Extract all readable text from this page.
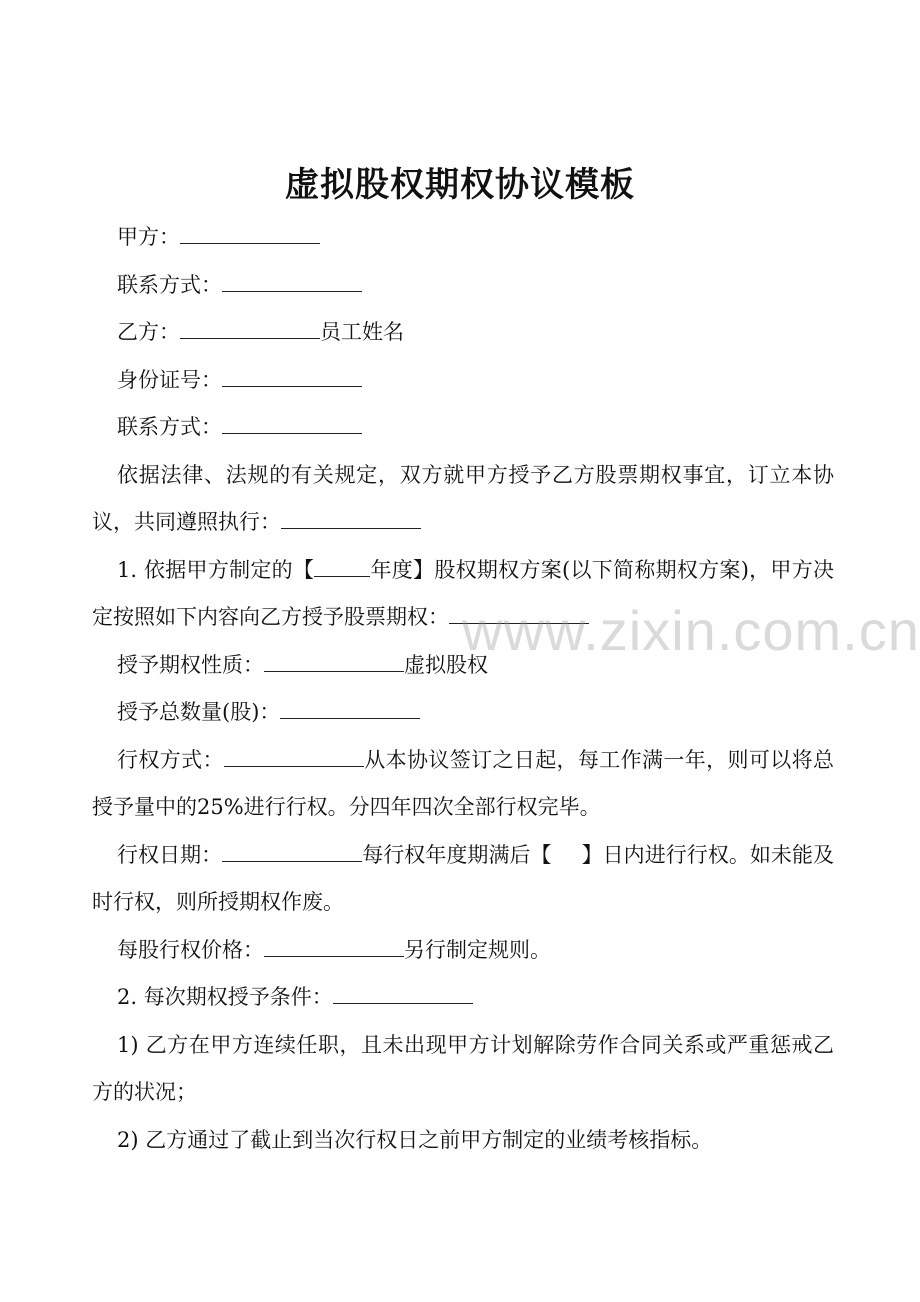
虚拟股权期权协议模板

甲方：

联系方式：

乙方：	员工姓名

身份证号：

联系方式：

依据法律、法规的有关规定，双方就甲方授予乙方股票期权事宜，订立本协议，共同遵照执行：

1. 依据甲方制定的【	年度】股权期权方案(以下简称期权方案)，甲方决定按照如下内容向乙方授予股票期权：

授予期权性质：	虚拟股权

授予总数量(股)：

行权方式：	从本协议签订之日起，每工作满一年，则可以将总授予量中的25%进行行权。分四年四次全部行权完毕。

行权日期：	每行权年度期满后【 】日内进行行权。如未能及时行权，则所授期权作废。

每股行权价格：	另行制定规则。

2. 每次期权授予条件：

1) 乙方在甲方连续任职，且未出现甲方计划解除劳作合同关系或严重惩戒乙方的状况；

2) 乙方通过了截止到当次行权日之前甲方制定的业绩考核指标。

www.zixin.com.cn
